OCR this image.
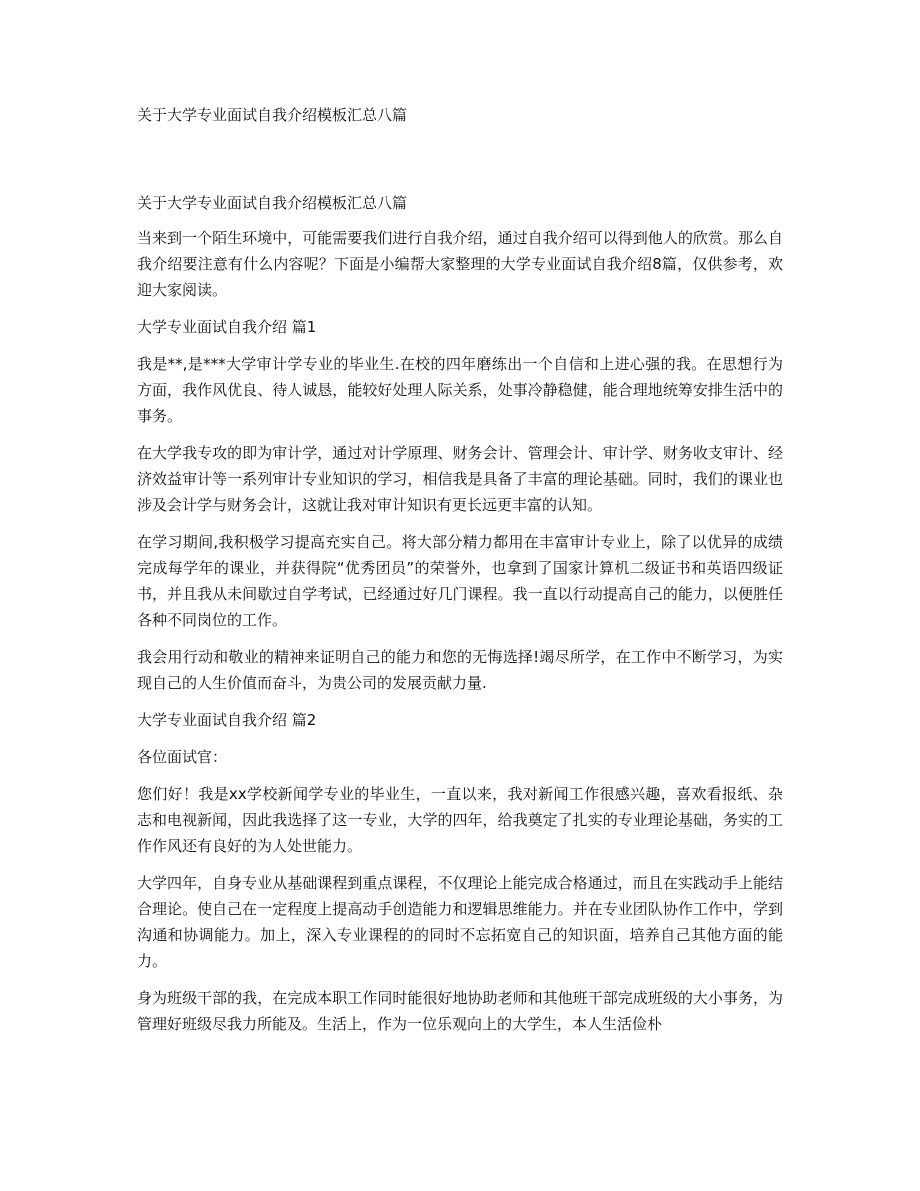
关于大学专业面试自我介绍模板汇总八篇

关于大学专业面试自我介绍模板汇总八篇

当来到一个陌生环境中，可能需要我们进行自我介绍，通过自我介绍可以得到他人的欣赏。那么自我介绍要注意有什么内容呢？下面是小编帮大家整理的大学专业面试自我介绍8篇，仅供参考，欢迎大家阅读。

大学专业面试自我介绍 篇1

我是**,是***大学审计学专业的毕业生.在校的四年磨练出一个自信和上进心强的我。在思想行为方面，我作风优良、待人诚恳，能较好处理人际关系，处事冷静稳健，能合理地统筹安排生活中的事务。

在大学我专攻的即为审计学，通过对计学原理、财务会计、管理会计、审计学、财务收支审计、经济效益审计等一系列审计专业知识的学习，相信我是具备了丰富的理论基础。同时，我们的课业也涉及会计学与财务会计，这就让我对审计知识有更长远更丰富的认知。

在学习期间,我积极学习提高充实自己。将大部分精力都用在丰富审计专业上，除了以优异的成绩完成每学年的课业，并获得院“优秀团员”的荣誉外，也拿到了国家计算机二级证书和英语四级证书，并且我从未间歇过自学考试，已经通过好几门课程。我一直以行动提高自己的能力，以便胜任各种不同岗位的工作。

我会用行动和敬业的精神来证明自己的能力和您的无悔选择!竭尽所学，在工作中不断学习，为实现自己的人生价值而奋斗，为贵公司的发展贡献力量.

大学专业面试自我介绍 篇2

各位面试官：

您们好！我是xx学校新闻学专业的毕业生，一直以来，我对新闻工作很感兴趣，喜欢看报纸、杂志和电视新闻，因此我选择了这一专业，大学的四年，给我奠定了扎实的专业理论基础，务实的工作作风还有良好的为人处世能力。

大学四年，自身专业从基础课程到重点课程，不仅理论上能完成合格通过，而且在实践动手上能结合理论。使自己在一定程度上提高动手创造能力和逻辑思维能力。并在专业团队协作工作中，学到沟通和协调能力。加上，深入专业课程的的同时不忘拓宽自己的知识面，培养自己其他方面的能力。

身为班级干部的我，在完成本职工作同时能很好地协助老师和其他班干部完成班级的大小事务，为管理好班级尽我力所能及。生活上，作为一位乐观向上的大学生，本人生活俭朴
